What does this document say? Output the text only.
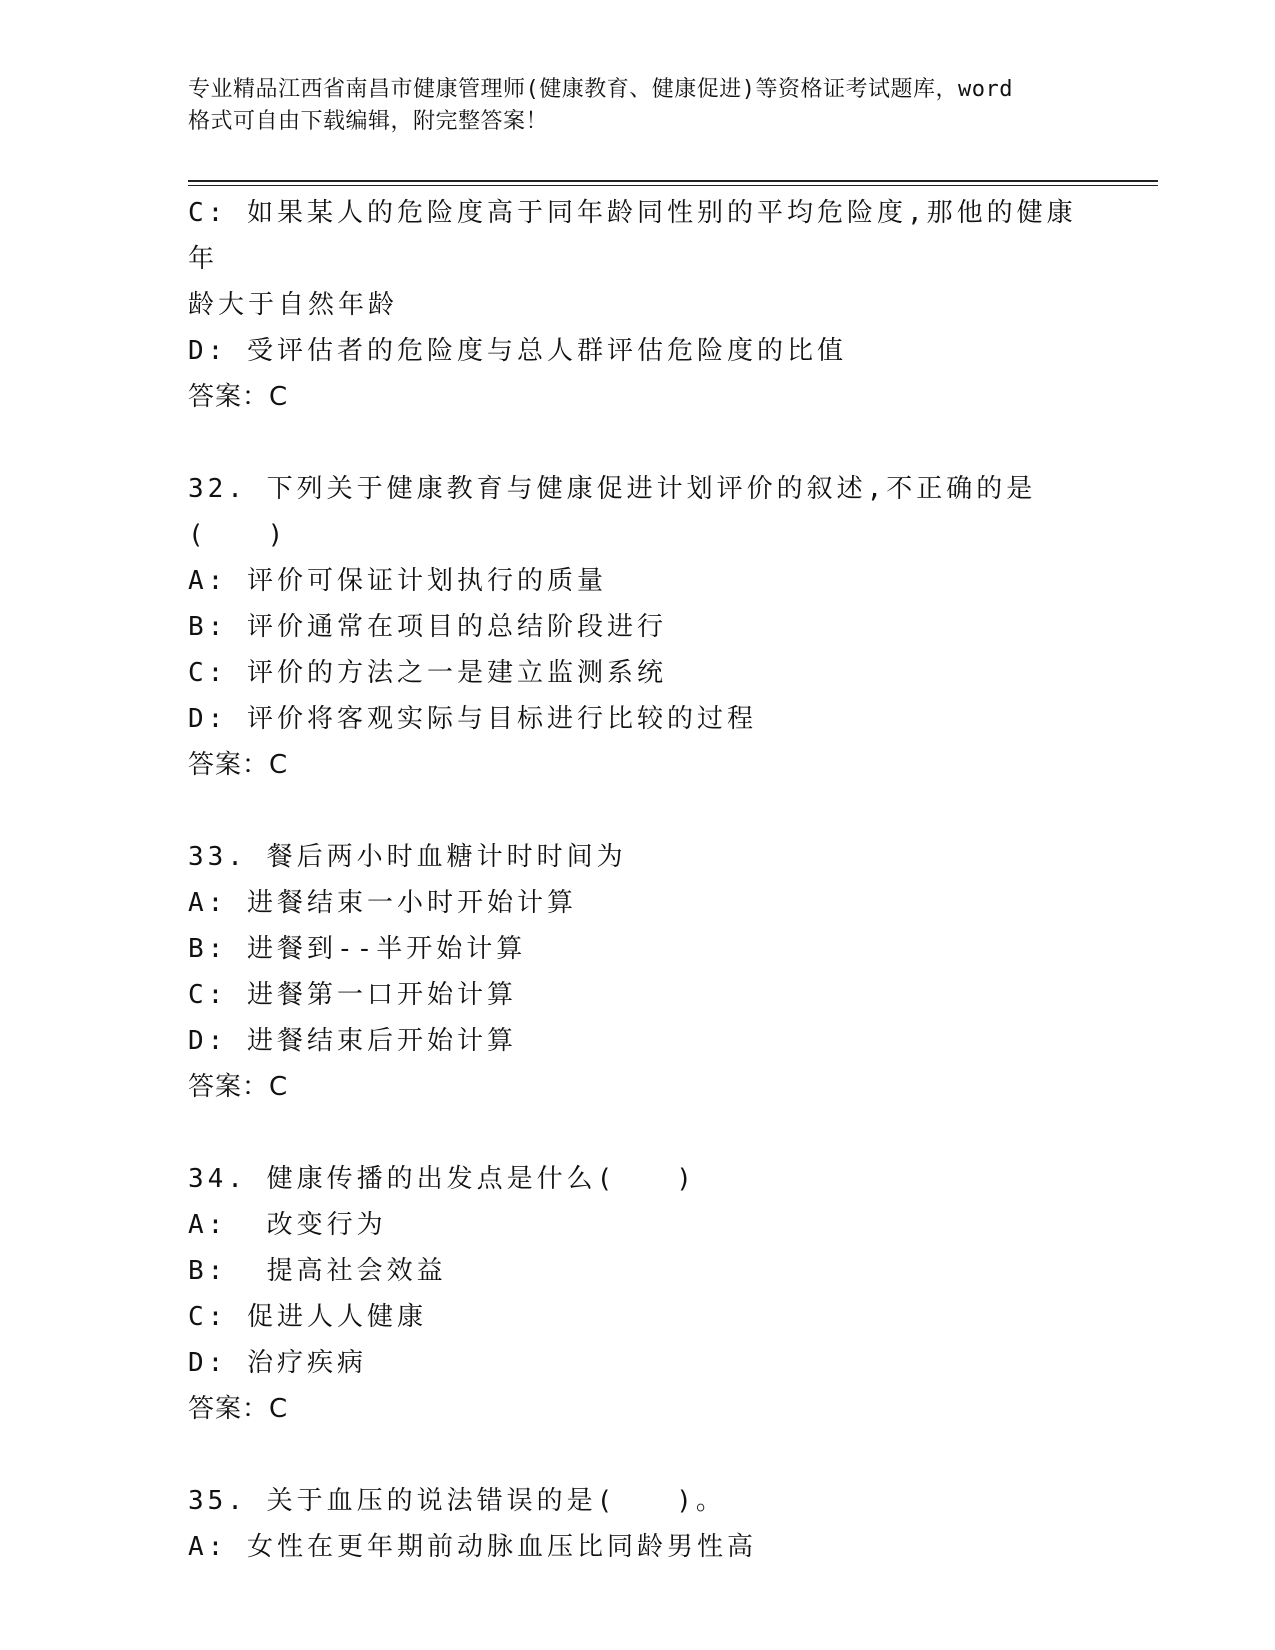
专业精品江西省南昌市健康管理师(健康教育、健康促进)等资格证考试题库，word
格式可自由下载编辑，附完整答案！
C: 如果某人的危险度高于同年龄同性别的平均危险度,那他的健康年
龄大于自然年龄
D: 受评估者的危险度与总人群评估危险度的比值
答案：C
32. 下列关于健康教育与健康促进计划评价的叙述,不正确的是(　　)
A: 评价可保证计划执行的质量
B: 评价通常在项目的总结阶段进行
C: 评价的方法之一是建立监测系统
D: 评价将客观实际与目标进行比较的过程
答案：C
33. 餐后两小时血糖计时时间为
A: 进餐结束一小时开始计算
B: 进餐到--半开始计算
C: 进餐第一口开始计算
D: 进餐结束后开始计算
答案：C
34. 健康传播的出发点是什么(　　)
A:  改变行为
B:  提高社会效益
C: 促进人人健康
D: 治疗疾病
答案：C
35. 关于血压的说法错误的是(　　)。
A: 女性在更年期前动脉血压比同龄男性高
